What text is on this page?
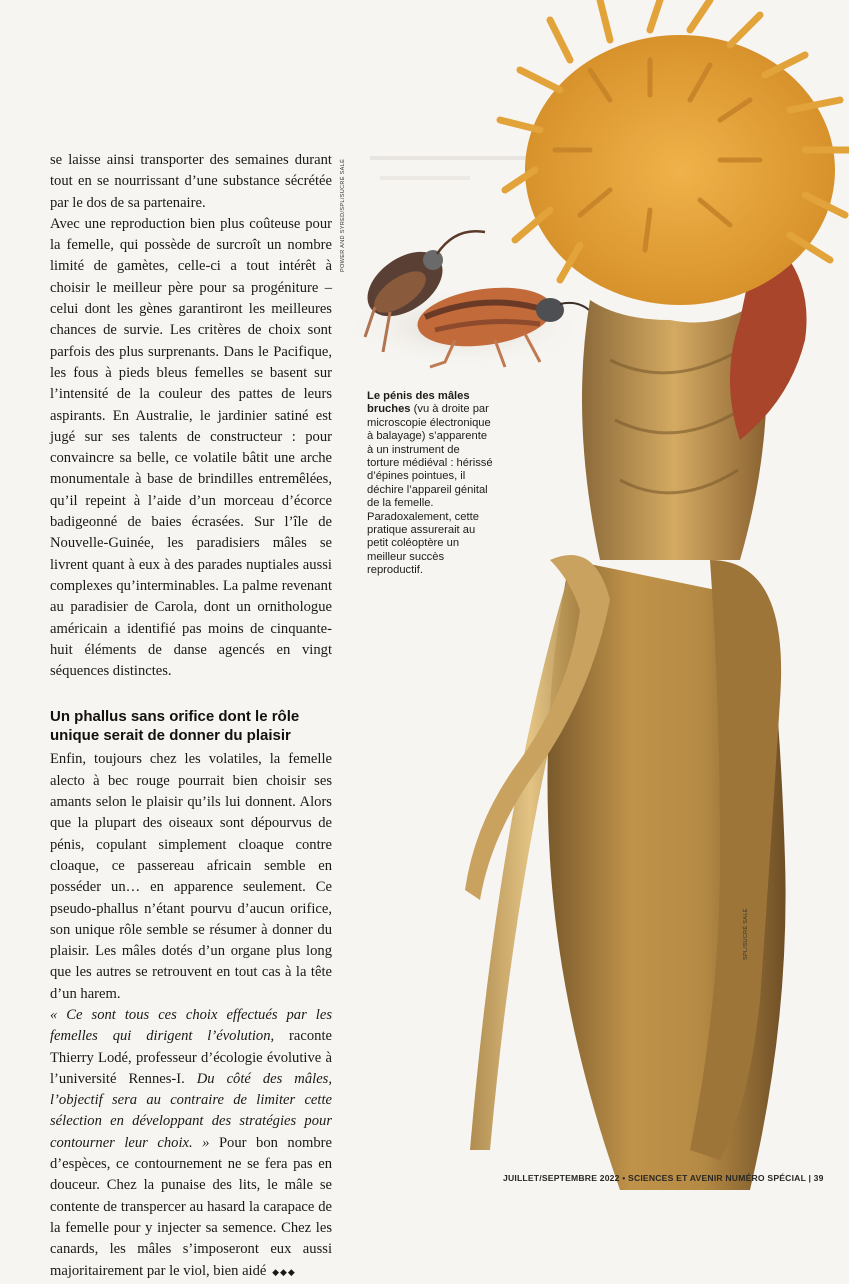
se laisse ainsi transporter des semaines durant tout en se nourrissant d’une substance sécrétée par le dos de sa partenaire.

Avec une reproduction bien plus coûteuse pour la femelle, qui possède de surcroît un nombre limité de gamètes, celle-ci a tout intérêt à choisir le meilleur père pour sa progéniture – celui dont les gènes garantiront les meilleures chances de survie. Les critères de choix sont parfois des plus surprenants. Dans le Pacifique, les fous à pieds bleus femelles se basent sur l’intensité de la couleur des pattes de leurs aspirants. En Australie, le jardinier satiné est jugé sur ses talents de constructeur : pour convaincre sa belle, ce volatile bâtit une arche monumentale à base de brindilles entremêlées, qu’il repeint à l’aide d’un morceau d’écorce badigeonné de baies écrasées. Sur l’île de Nouvelle-Guinée, les paradisiers mâles se livrent quant à eux à des parades nuptiales aussi complexes qu’interminables. La palme revenant au paradisier de Carola, dont un ornithologue américain a identifié pas moins de cinquante-huit éléments de danse agencés en vingt séquences distinctes.

Un phallus sans orifice dont le rôle unique serait de donner du plaisir

Enfin, toujours chez les volatiles, la femelle alecto à bec rouge pourrait bien choisir ses amants selon le plaisir qu’ils lui donnent. Alors que la plupart des oiseaux sont dépourvus de pénis, copulant simplement cloaque contre cloaque, ce passereau africain semble en posséder un… en apparence seulement. Ce pseudo-phallus n’étant pourvu d’aucun orifice, son unique rôle semble se résumer à donner du plaisir. Les mâles dotés d’un organe plus long que les autres se retrouvent en tout cas à la tête d’un harem.

« Ce sont tous ces choix effectués par les femelles qui dirigent l’évolution, raconte Thierry Lodé, professeur d’écologie évolutive à l’université Rennes-I. Du côté des mâles, l’objectif sera au contraire de limiter cette sélection en développant des stratégies pour contourner leur choix. » Pour bon nombre d’espèces, ce contournement ne se fera pas en douceur. Chez la punaise des lits, le mâle se contente de transpercer au hasard la carapace de la femelle pour y injecter sa semence. Chez les canards, les mâles s’imposeront eux aussi majoritairement par le viol, bien aidé ◆◆◆

POWER AND SYRED/SPL/SUCRÉ SALÉ
Le pénis des mâles bruches (vu à droite par microscopie électronique à balayage) s’apparente à un instrument de torture médiéval : hérissé d’épines pointues, il déchire l’appareil génital de la femelle. Paradoxalement, cette pratique assurerait au petit coléoptère un meilleur succès reproductif.
SPL/SUCRÉ SALÉ
JUILLET/SEPTEMBRE 2022 • SCIENCES ET AVENIR NUMÉRO SPÉCIAL | 39
